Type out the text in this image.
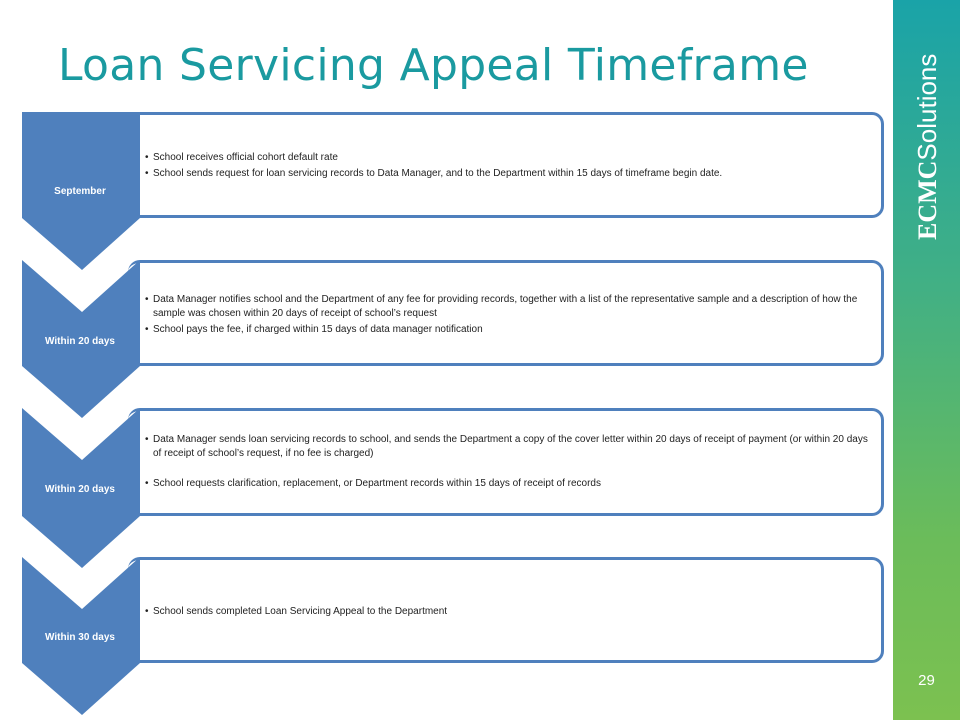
Loan Servicing Appeal Timeframe
ECMCSolutions
29
• School receives official cohort default rate
• School sends request for loan servicing records to Data Manager, and to the Department within 15 days of timeframe begin date.
• Data Manager notifies school and the Department of any fee for providing records, together with a list of the representative sample and a description of how the sample was chosen within 20 days of receipt of school’s request
• School pays the fee, if charged within 15 days of data manager notification
• Data Manager sends loan servicing records to school, and sends the Department a copy of the cover letter within 20 days of receipt of payment (or within 20 days of receipt of school’s request, if no fee is charged)
• School requests clarification, replacement, or Department records within 15 days of receipt of records
• School sends completed Loan Servicing Appeal to the Department
September
Within 20 days
Within 20 days
Within 30 days
